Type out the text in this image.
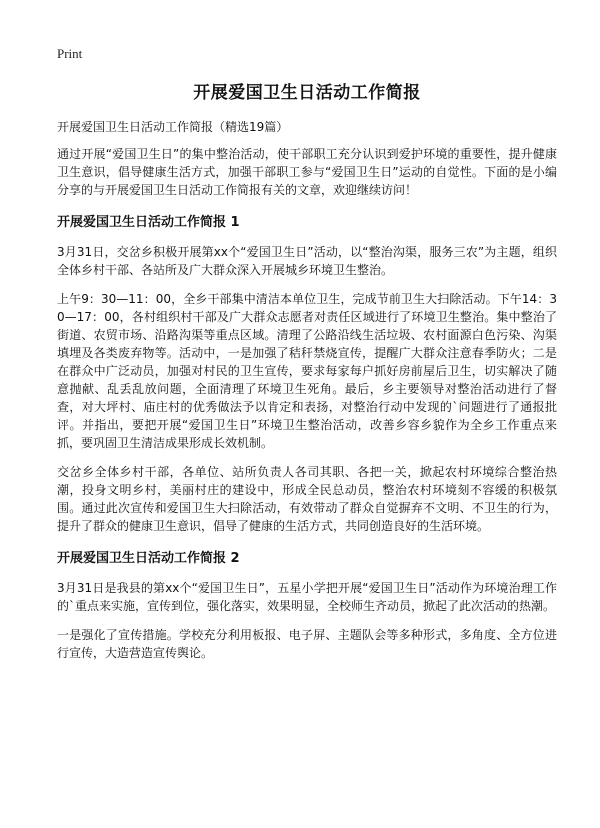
Print
开展爱国卫生日活动工作简报
开展爱国卫生日活动工作简报（精选19篇）

通过开展“爱国卫生日”的集中整治活动，使干部职工充分认识到爱护环境的重要性，提升健康卫生意识，倡导健康生活方式，加强干部职工参与“爱国卫生日”运动的自觉性。下面的是小编分享的与开展爱国卫生日活动工作简报有关的文章，欢迎继续访问！

开展爱国卫生日活动工作简报 1

3月31日，交岔乡积极开展第xx个“爱国卫生日”活动，以“整治沟渠，服务三农”为主题，组织全体乡村干部、各站所及广大群众深入开展城乡环境卫生整治。

上午9：30—11：00，全乡干部集中清洁本单位卫生，完成节前卫生大扫除活动。下午14：30—17：00，各村组织村干部及广大群众志愿者对责任区域进行了环境卫生整治。集中整治了街道、农贸市场、沿路沟渠等重点区域。清理了公路沿线生活垃圾、农村面源白色污染、沟渠填埋及各类废弃物等。活动中，一是加强了秸秆禁烧宣传，提醒广大群众注意春季防火；二是在群众中广泛动员，加强对村民的卫生宣传，要求每家每户抓好房前屋后卫生，切实解决了随意抛献、乱丢乱放问题，全面清理了环境卫生死角。最后，乡主要领导对整治活动进行了督查，对大坪村、庙庄村的优秀做法予以肯定和表扬，对整治行动中发现的`问题进行了通报批评。并指出，要把开展“爱国卫生日”环境卫生整治活动，改善乡容乡貌作为全乡工作重点来抓，要巩固卫生清洁成果形成长效机制。

交岔乡全体乡村干部，各单位、站所负责人各司其职、各把一关，掀起农村环境综合整治热潮，投身文明乡村，美丽村庄的建设中，形成全民总动员，整治农村环境刻不容缓的积极氛围。通过此次宣传和爱国卫生大扫除活动，有效带动了群众自觉摒弃不文明、不卫生的行为，提升了群众的健康卫生意识，倡导了健康的生活方式，共同创造良好的生活环境。

开展爱国卫生日活动工作简报 2

3月31日是我县的第xx个“爱国卫生日”，五星小学把开展“爱国卫生日”活动作为环境治理工作的`重点来实施，宣传到位，强化落实，效果明显，全校师生齐动员，掀起了此次活动的热潮。

一是强化了宣传措施。学校充分利用板报、电子屏、主题队会等多种形式，多角度、全方位进行宣传，大造营造宣传舆论。
